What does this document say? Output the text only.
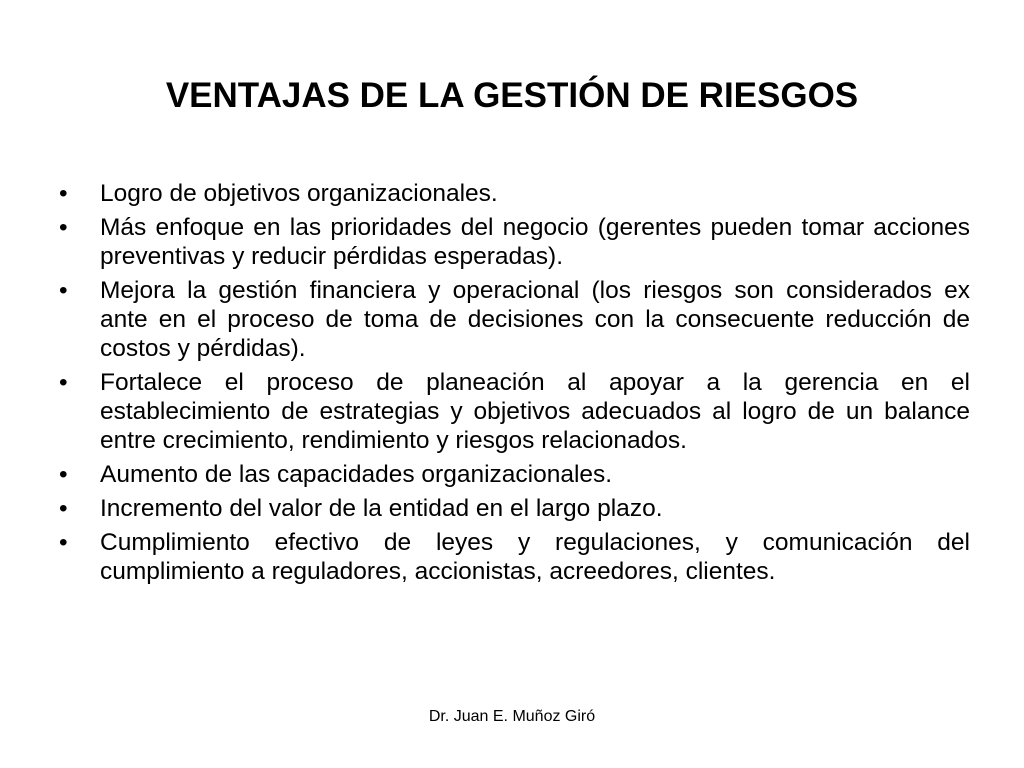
VENTAJAS DE LA GESTIÓN DE RIESGOS
•	Logro de objetivos organizacionales.
•	Más enfoque en las prioridades del negocio (gerentes pueden tomar acciones preventivas y reducir pérdidas esperadas).
•	Mejora la gestión financiera y operacional (los riesgos son considerados ex ante en el proceso de toma de decisiones con la consecuente reducción de costos y pérdidas).
•	Fortalece el proceso de planeación al apoyar a la gerencia en el establecimiento de estrategias y objetivos adecuados al logro de un balance entre crecimiento, rendimiento y riesgos relacionados.
•	Aumento de las capacidades organizacionales.
•	Incremento del valor de la entidad en el largo plazo.
•	Cumplimiento efectivo de leyes y regulaciones, y comunicación del cumplimiento a reguladores, accionistas, acreedores, clientes.
Dr. Juan E. Muñoz Giró
